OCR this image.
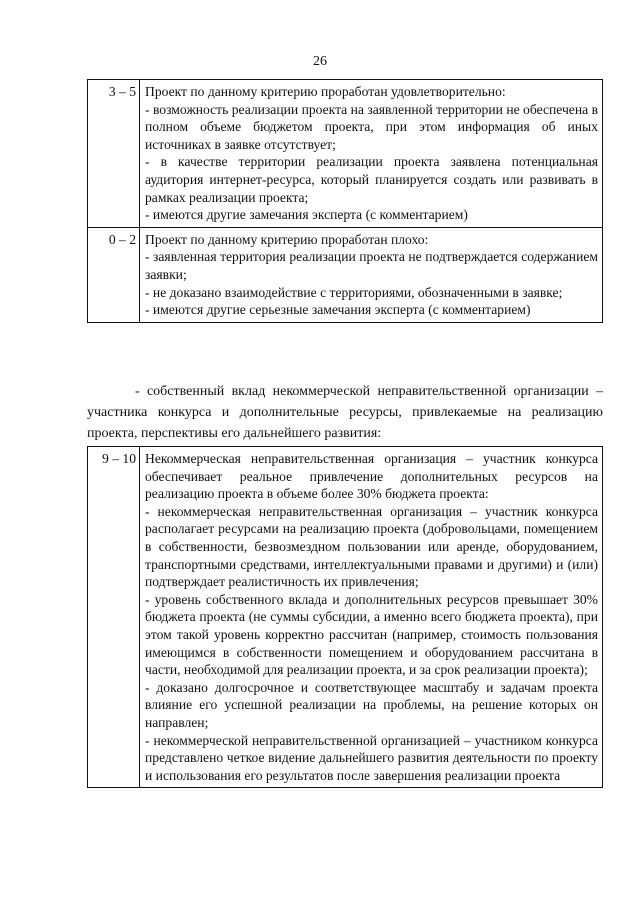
26
3 – 5	Проект по данному критерию проработан удовлетворительно:
- возможность реализации проекта на заявленной территории не обеспечена в полном объеме бюджетом проекта, при этом информация об иных источниках в заявке отсутствует;
- в качестве территории реализации проекта заявлена потенциальная аудитория интернет-ресурса, который планируется создать или развивать в рамках реализации проекта;
- имеются другие замечания эксперта (с комментарием)

0 – 2	Проект по данному критерию проработан плохо:
- заявленная территория реализации проекта не подтверждается содержанием заявки;
- не доказано взаимодействие с территориями, обозначенными в заявке;
- имеются другие серьезные замечания эксперта (с комментарием)

- собственный вклад некоммерческой неправительственной организации – участника конкурса и дополнительные ресурсы, привлекаемые на реализацию проекта, перспективы его дальнейшего развития:

9 – 10	Некоммерческая неправительственная организация – участник конкурса обеспечивает реальное привлечение дополнительных ресурсов на реализацию проекта в объеме более 30% бюджета проекта:
- некоммерческая неправительственная организация – участник конкурса располагает ресурсами на реализацию проекта (добровольцами, помещением в собственности, безвозмездном пользовании или аренде, оборудованием, транспортными средствами, интеллектуальными правами и другими) и (или) подтверждает реалистичность их привлечения;
- уровень собственного вклада и дополнительных ресурсов превышает 30% бюджета проекта (не суммы субсидии, а именно всего бюджета проекта), при этом такой уровень корректно рассчитан (например, стоимость пользования имеющимся в собственности помещением и оборудованием рассчитана в части, необходимой для реализации проекта, и за срок реализации проекта);
- доказано долгосрочное и соответствующее масштабу и задачам проекта влияние его успешной реализации на проблемы, на решение которых он направлен;
- некоммерческой неправительственной организацией – участником конкурса представлено четкое видение дальнейшего развития деятельности по проекту и использования его результатов после завершения реализации проекта
